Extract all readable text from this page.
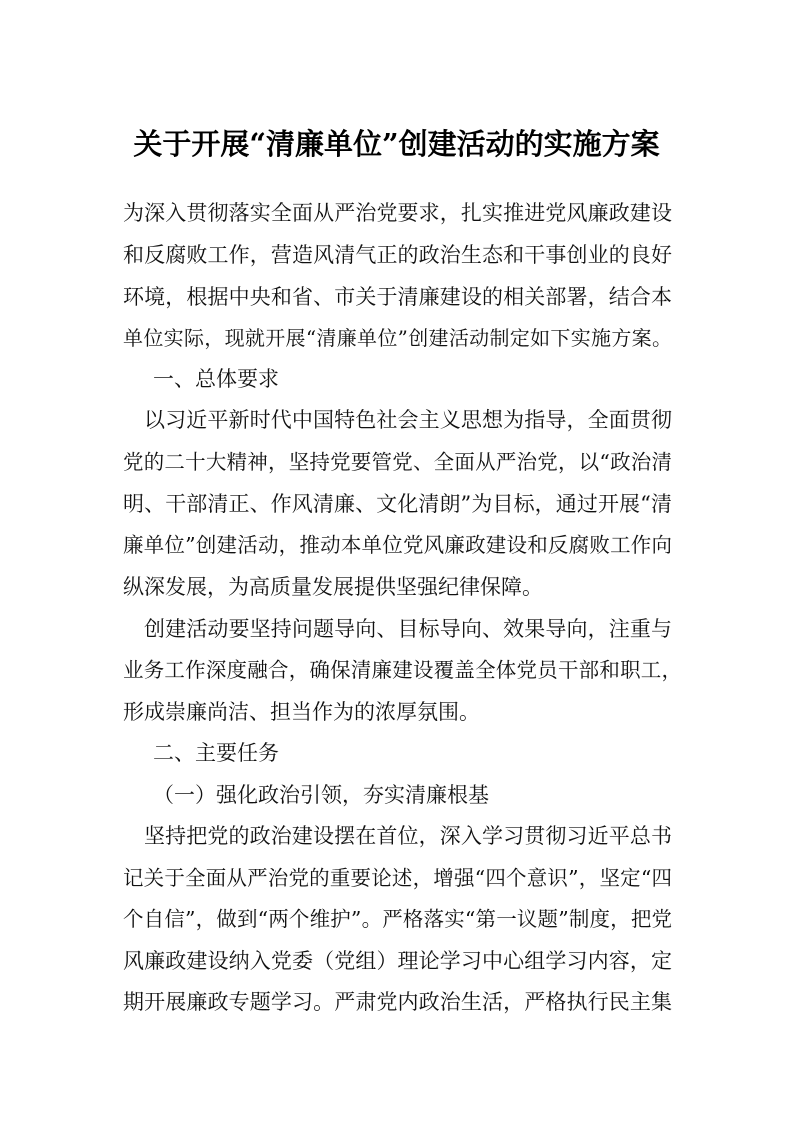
关于开展“清廉单位”创建活动的实施方案
为深入贯彻落实全面从严治党要求，扎实推进党风廉政建设
和反腐败工作，营造风清气正的政治生态和干事创业的良好
环境，根据中央和省、市关于清廉建设的相关部署，结合本
单位实际，现就开展“清廉单位”创建活动制定如下实施方案。
一、总体要求
以习近平新时代中国特色社会主义思想为指导，全面贯彻
党的二十大精神，坚持党要管党、全面从严治党，以“政治清
明、干部清正、作风清廉、文化清朗”为目标，通过开展“清
廉单位”创建活动，推动本单位党风廉政建设和反腐败工作向
纵深发展，为高质量发展提供坚强纪律保障。
创建活动要坚持问题导向、目标导向、效果导向，注重与
业务工作深度融合，确保清廉建设覆盖全体党员干部和职工，
形成崇廉尚洁、担当作为的浓厚氛围。
二、主要任务
（一）强化政治引领，夯实清廉根基
坚持把党的政治建设摆在首位，深入学习贯彻习近平总书
记关于全面从严治党的重要论述，增强“四个意识”，坚定“四
个自信”，做到“两个维护”。严格落实“第一议题”制度，把党
风廉政建设纳入党委（党组）理论学习中心组学习内容，定
期开展廉政专题学习。严肃党内政治生活，严格执行民主集
